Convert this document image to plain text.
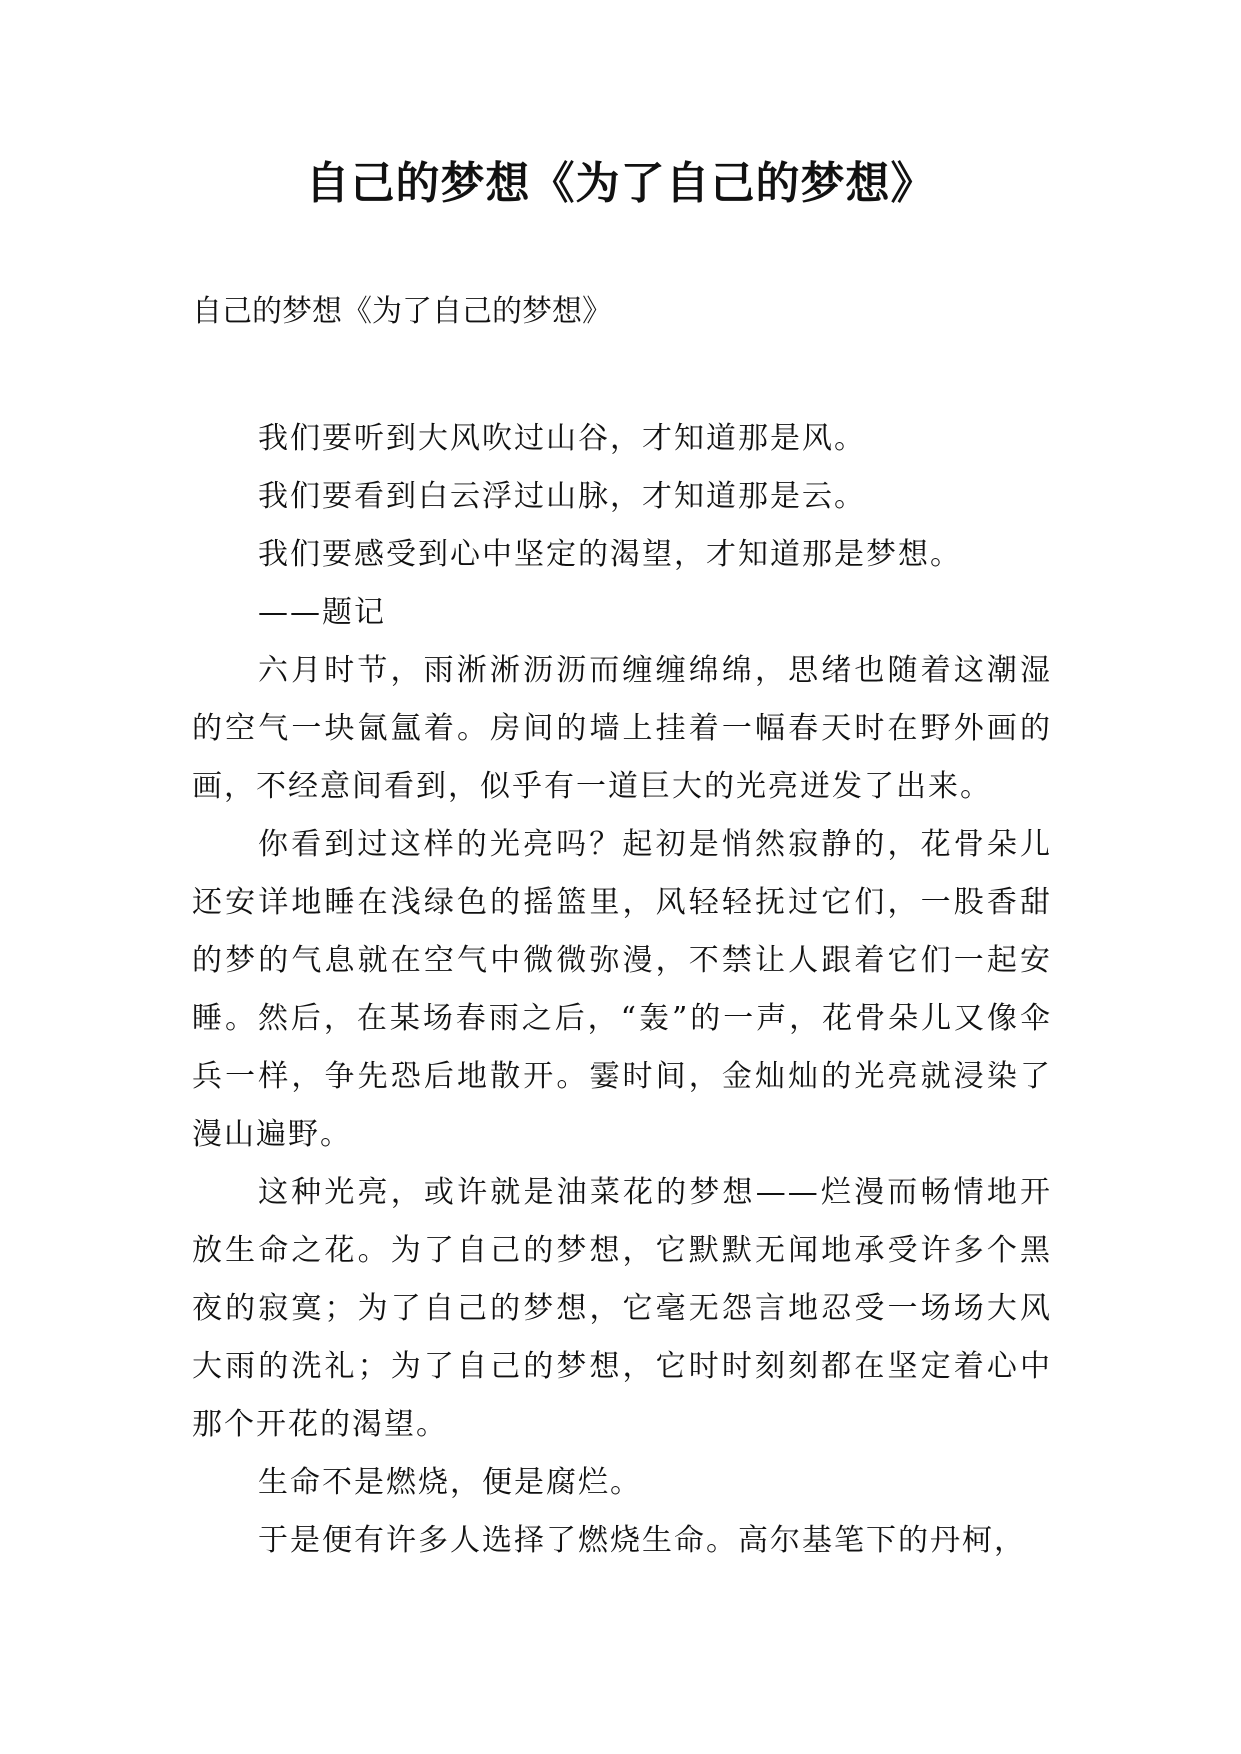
自己的梦想《为了自己的梦想》
自己的梦想《为了自己的梦想》

我们要听到大风吹过山谷，才知道那是风。

我们要看到白云浮过山脉，才知道那是云。

我们要感受到心中坚定的渴望，才知道那是梦想。

——题记

六月时节，雨淅淅沥沥而缠缠绵绵，思绪也随着这潮湿的空气一块氤氲着。房间的墙上挂着一幅春天时在野外画的画，不经意间看到，似乎有一道巨大的光亮迸发了出来。

你看到过这样的光亮吗？起初是悄然寂静的，花骨朵儿还安详地睡在浅绿色的摇篮里，风轻轻抚过它们，一股香甜的梦的气息就在空气中微微弥漫，不禁让人跟着它们一起安睡。然后，在某场春雨之后，“轰”的一声，花骨朵儿又像伞兵一样，争先恐后地散开。霎时间，金灿灿的光亮就浸染了漫山遍野。

这种光亮，或许就是油菜花的梦想——烂漫而畅情地开放生命之花。为了自己的梦想，它默默无闻地承受许多个黑夜的寂寞；为了自己的梦想，它毫无怨言地忍受一场场大风大雨的洗礼；为了自己的梦想，它时时刻刻都在坚定着心中那个开花的渴望。

生命不是燃烧，便是腐烂。

于是便有许多人选择了燃烧生命。高尔基笔下的丹柯，
